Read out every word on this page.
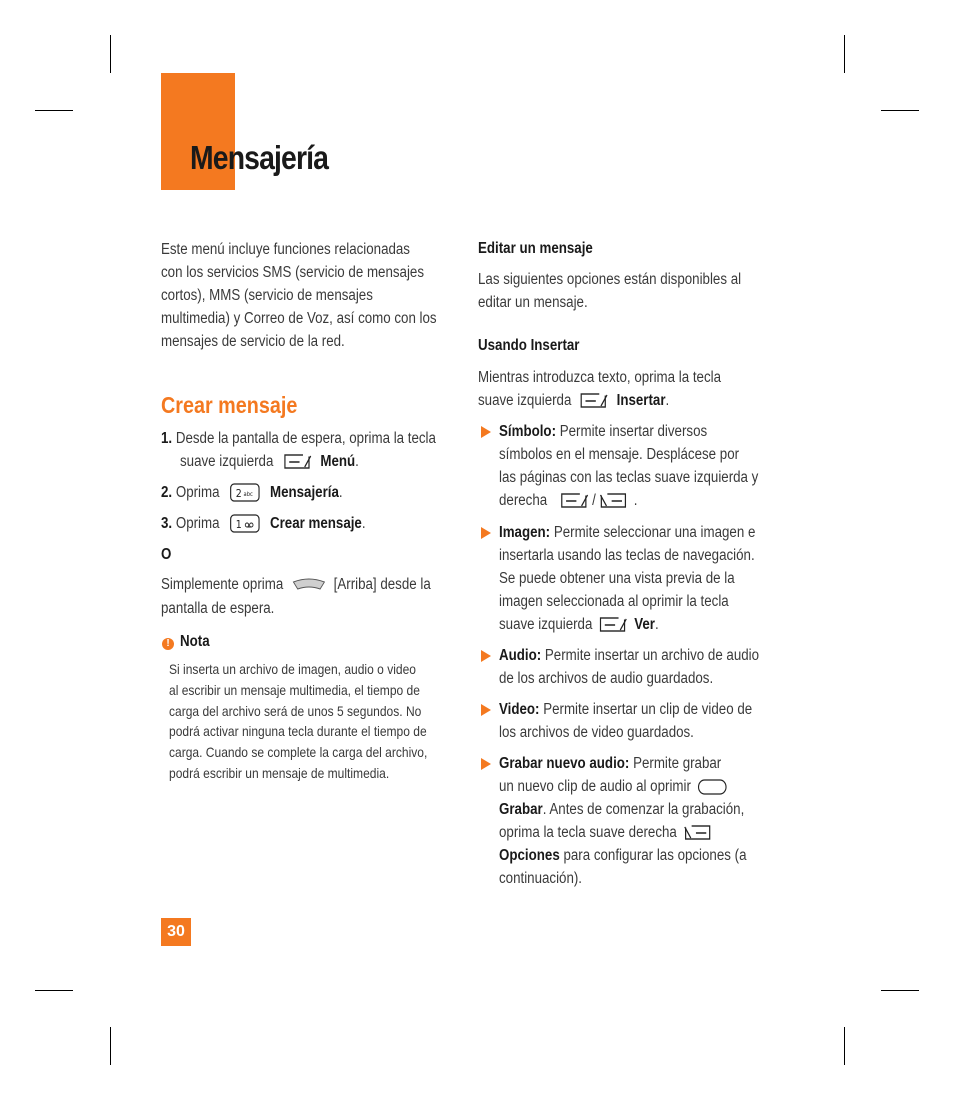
Mensajería
Este menú incluye funciones relacionadas
con los servicios SMS (servicio de mensajes
cortos), MMS (servicio de mensajes
multimedia) y Correo de Voz, así como con los
mensajes de servicio de la red.
Crear mensaje
1. Desde la pantalla de espera, oprima la tecla
suave izquierda	Menú.
2. Oprima 2 abc Mensajería.
3. Oprima 1 Crear mensaje.
O
Simplemente oprima	[Arriba] desde la
pantalla de espera.
! Nota
Si inserta un archivo de imagen, audio o video
al escribir un mensaje multimedia, el tiempo de
carga del archivo será de unos 5 segundos. No
podrá activar ninguna tecla durante el tiempo de
carga. Cuando se complete la carga del archivo,
podrá escribir un mensaje de multimedia.
Editar un mensaje
Las siguientes opciones están disponibles al
editar un mensaje.
Usando Insertar
Mientras introduzca texto, oprima la tecla
suave izquierda	Insertar.
Símbolo: Permite insertar diversos
símbolos en el mensaje. Desplácese por
las páginas con las teclas suave izquierda y
derecha	/ .
Imagen: Permite seleccionar una imagen e
insertarla usando las teclas de navegación.
Se puede obtener una vista previa de la
imagen seleccionada al oprimir la tecla
suave izquierda	Ver.
Audio: Permite insertar un archivo de audio
de los archivos de audio guardados.
Video: Permite insertar un clip de video de
los archivos de video guardados.
Grabar nuevo audio: Permite grabar
un nuevo clip de audio al oprimir
Grabar. Antes de comenzar la grabación,
oprima la tecla suave derecha
Opciones para configurar las opciones (a
continuación).
30
